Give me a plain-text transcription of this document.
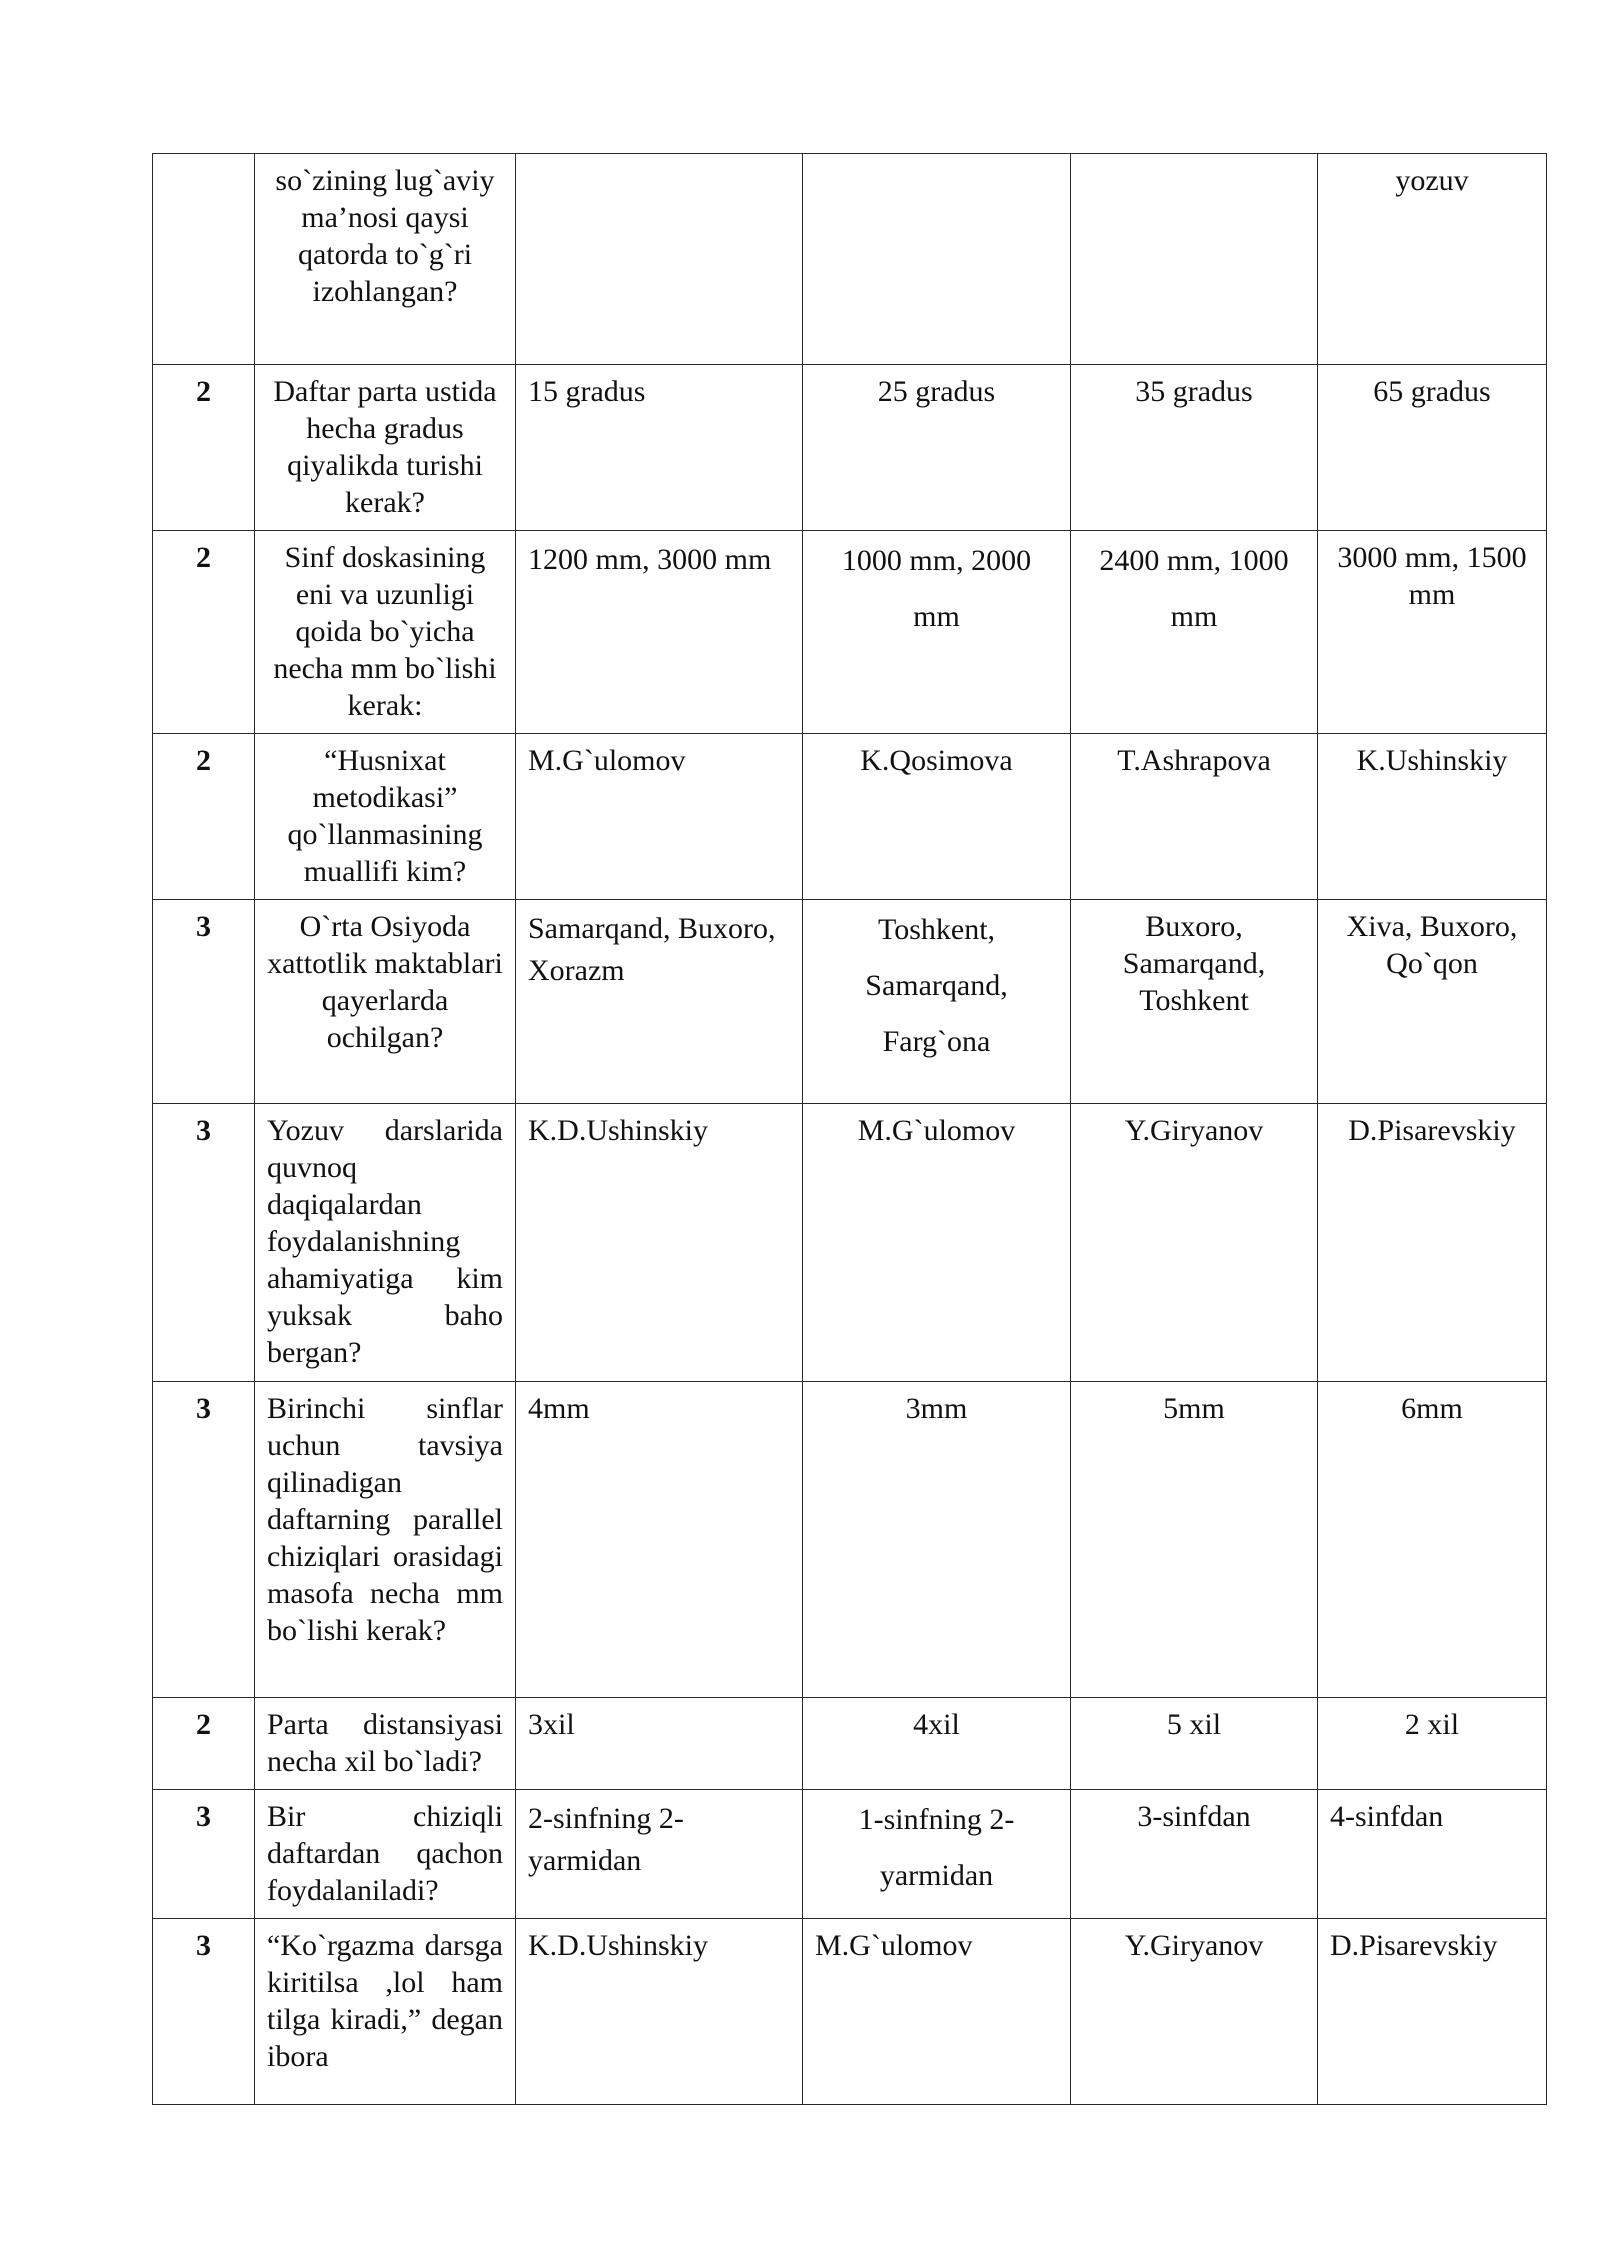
	so`zining lug`aviy ma’nosi qaysi qatorda to`g`ri izohlangan?				yozuv
2	Daftar parta ustida hecha gradus qiyalikda turishi kerak?	15 gradus	25 gradus	35 gradus	65 gradus
2	Sinf doskasining eni va uzunligi qoida bo`yicha necha mm bo`lishi kerak:	1200 mm, 3000 mm	1000 mm, 2000 mm	2400 mm, 1000 mm	3000 mm, 1500 mm
2	“Husnixat metodikasi” qo`llanmasining muallifi kim?	M.G`ulomov	K.Qosimova	T.Ashrapova	K.Ushinskiy
3	O`rta Osiyoda xattotlik maktablari qayerlarda ochilgan?	Samarqand, Buxoro, Xorazm	Toshkent, Samarqand, Farg`ona	Buxoro, Samarqand, Toshkent	Xiva, Buxoro, Qo`qon
3	Yozuv darslarida quvnoq daqiqalardan foydalanishning ahamiyatiga kim yuksak baho bergan?	K.D.Ushinskiy	M.G`ulomov	Y.Giryanov	D.Pisarevskiy
3	Birinchi sinflar uchun tavsiya qilinadigan daftarning parallel chiziqlari orasidagi masofa necha mm bo`lishi kerak?	4mm	3mm	5mm	6mm
2	Parta distansiyasi necha xil bo`ladi?	3xil	4xil	5 xil	2 xil
3	Bir chiziqli daftardan qachon foydalaniladi?	2-sinfning 2-yarmidan	1-sinfning 2-yarmidan	3-sinfdan	4-sinfdan
3	“Ko`rgazma darsga kiritilsa ,lol ham tilga kiradi,” degan ibora	K.D.Ushinskiy	M.G`ulomov	Y.Giryanov	D.Pisarevskiy
